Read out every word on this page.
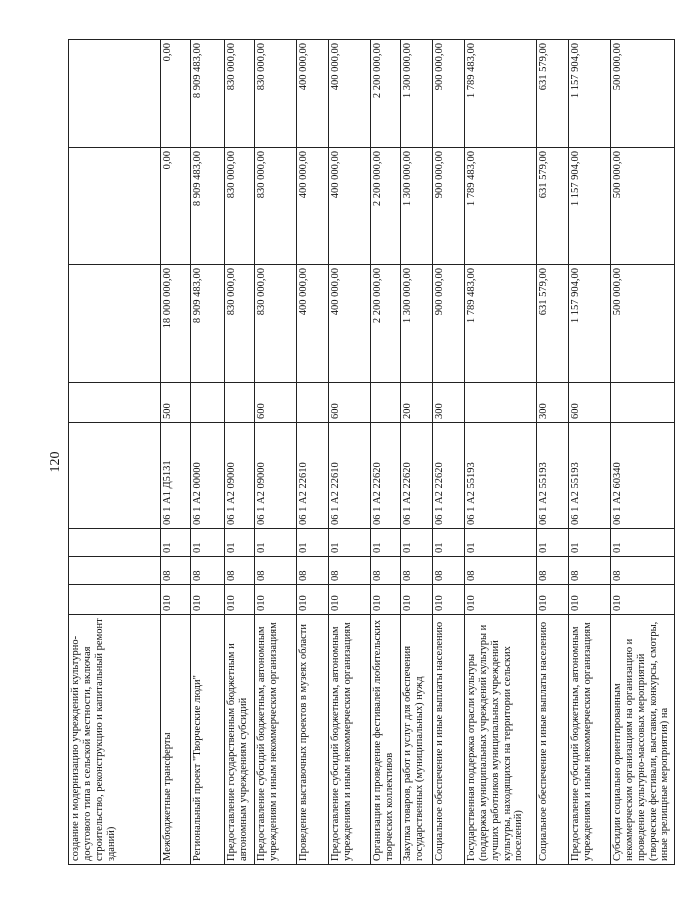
120
создание и модернизацию учреждений культурно-досугового типа в сельской местности, включая строительство, реконструкцию и капитальный ремонт зданий)								
Межбюджетные трансферты	010	08	01	06 1 А1 Д5131	500	18 000 000,00	0,00	0,00
Региональный проект "Творческие люди"	010	08	01	06 1 А2 00000		8 909 483,00	8 909 483,00	8 909 483,00
Предоставление государственным бюджетным и автономным учреждениям субсидий	010	08	01	06 1 А2 09000		830 000,00	830 000,00	830 000,00
Предоставление субсидий бюджетным, автономным учреждениям и иным некоммерческим организациям	010	08	01	06 1 А2 09000	600	830 000,00	830 000,00	830 000,00
Проведение выставочных проектов в музеях области	010	08	01	06 1 А2 22610		400 000,00	400 000,00	400 000,00
Предоставление субсидий бюджетным, автономным учреждениям и иным некоммерческим организациям	010	08	01	06 1 А2 22610	600	400 000,00	400 000,00	400 000,00
Организация и проведение фестивалей любительских творческих коллективов	010	08	01	06 1 А2 22620		2 200 000,00	2 200 000,00	2 200 000,00
Закупка товаров, работ и услуг для обеспечения государственных (муниципальных) нужд	010	08	01	06 1 А2 22620	200	1 300 000,00	1 300 000,00	1 300 000,00
Социальное обеспечение и иные выплаты населению	010	08	01	06 1 А2 22620	300	900 000,00	900 000,00	900 000,00
Государственная поддержка отрасли культуры (поддержка муниципальных учреждений культуры и лучших работников муниципальных учреждений культуры, находящихся на территории сельских поселений)	010	08	01	06 1 А2 55193		1 789 483,00	1 789 483,00	1 789 483,00
Социальное обеспечение и иные выплаты населению	010	08	01	06 1 А2 55193	300	631 579,00	631 579,00	631 579,00
Предоставление субсидий бюджетным, автономным учреждениям и иным некоммерческим организациям	010	08	01	06 1 А2 55193	600	1 157 904,00	1 157 904,00	1 157 904,00
Субсидии социально ориентированным некоммерческим организациям на организацию и проведение культурно-массовых мероприятий (творческие фестивали, выставки, конкурсы, смотры, иные зрелищные мероприятия) на	010	08	01	06 1 А2 60340		500 000,00	500 000,00	500 000,00
